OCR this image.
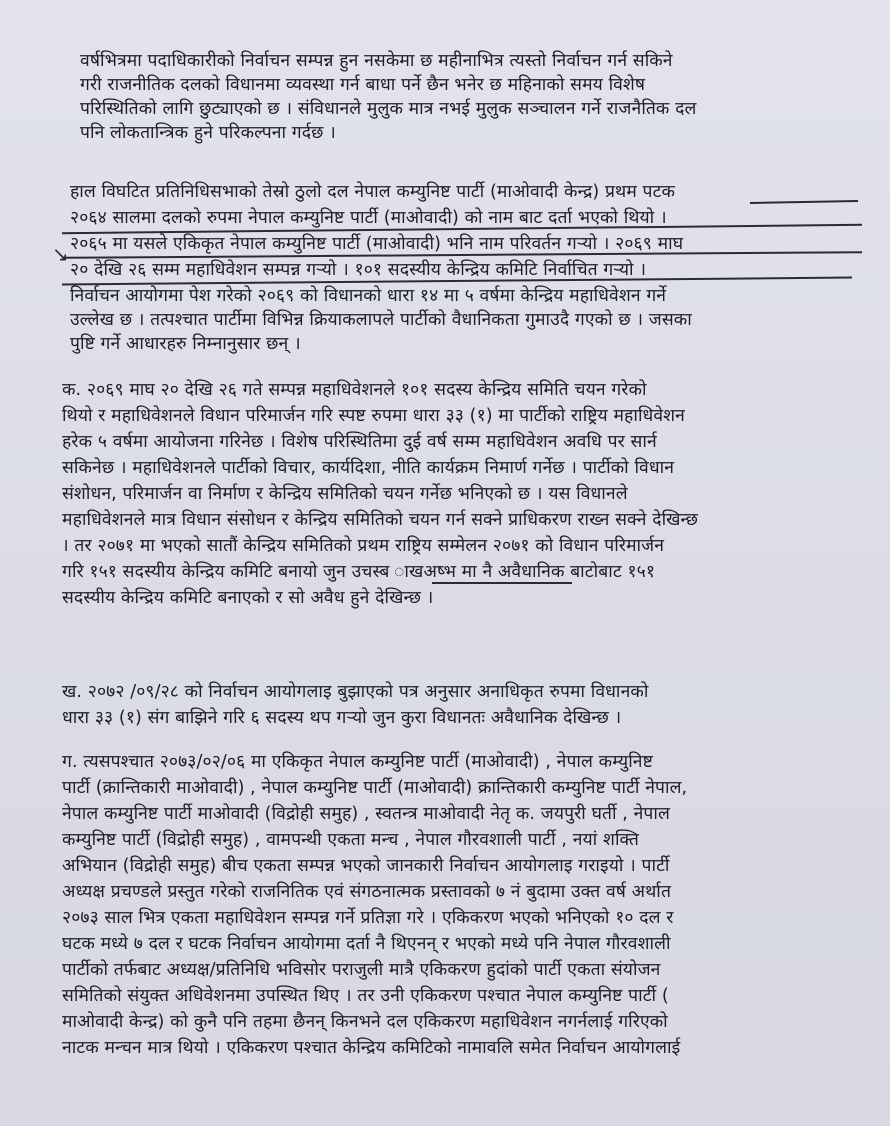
वर्षभित्रमा पदाधिकारीको निर्वाचन सम्पन्न हुन नसकेमा छ महीनाभित्र त्यस्तो निर्वाचन गर्न सकिने
गरी राजनीतिक दलको विधानमा व्यवस्था गर्न बाधा पर्ने छैन भनेर छ महिनाको समय विशेष
परिस्थितिको लागि छुट्याएको छ । संविधानले मुलुक मात्र नभई मुलुक सञ्चालन गर्ने राजनैतिक दल
पनि लोकतान्त्रिक हुने परिकल्पना गर्दछ ।
हाल विघटित प्रतिनिधिसभाको तेस्रो ठुलो दल नेपाल कम्युनिष्ट पार्टी (माओवादी केन्द्र) प्रथम पटक
२०६४ सालमा दलको रुपमा नेपाल कम्युनिष्ट पार्टी (माओवादी) को नाम बाट दर्ता भएको थियो ।
२०६५ मा यसले एकिकृत नेपाल कम्युनिष्ट पार्टी (माओवादी) भनि नाम परिवर्तन गर्‍यो । २०६९ माघ
२० देखि २६ सम्म महाधिवेशन सम्पन्न गर्‍यो । १०१ सदस्यीय केन्द्रिय कमिटि निर्वाचित गर्‍यो ।
निर्वाचन आयोगमा पेश गरेको २०६९ को विधानको धारा १४ मा ५ वर्षमा केन्द्रिय महाधिवेशन गर्ने
उल्लेख छ । तत्पश्चात पार्टीमा विभिन्न क्रियाकलापले पार्टीको वैधानिकता गुमाउदै गएको छ । जसका
पुष्टि गर्ने आधारहरु निम्नानुसार छन् ।
↘
क. २०६९ माघ २० देखि २६ गते सम्पन्न महाधिवेशनले १०१ सदस्य केन्द्रिय समिति चयन गरेको
थियो र महाधिवेशनले विधान परिमार्जन गरि स्पष्ट रुपमा धारा ३३ (१) मा पार्टीको राष्ट्रिय महाधिवेशन
हरेक ५ वर्षमा आयोजना गरिनेछ । विशेष परिस्थितिमा दुई वर्ष सम्म महाधिवेशन अवधि पर सार्न
सकिनेछ । महाधिवेशनले पार्टीको विचार, कार्यदिशा, नीति कार्यक्रम निमार्ण गर्नेछ । पार्टीको विधान
संशोधन, परिमार्जन वा निर्माण र केन्द्रिय समितिको चयन गर्नेछ भनिएको छ । यस विधानले
महाधिवेशनले मात्र विधान संसोधन र केन्द्रिय समितिको चयन गर्न सक्ने प्राधिकरण राख्न सक्ने देखिन्छ
। तर २०७१ मा भएको सातौं केन्द्रिय समितिको प्रथम राष्ट्रिय सम्मेलन २०७१ को विधान परिमार्जन
गरि १५१ सदस्यीय केन्द्रिय कमिटि बनायो जुन उचस्ब ाखअष्भ मा नै अवैधानिक बाटोबाट १५१
सदस्यीय केन्द्रिय कमिटि बनाएको र सो अवैध हुने देखिन्छ ।
ख. २०७२ /०९/२८ को निर्वाचन आयोगलाइ बुझाएको पत्र अनुसार अनाधिकृत रुपमा विधानको
धारा ३३ (१) संग बाझिने गरि ६ सदस्य थप गर्‍यो जुन कुरा विधानतः अवैधानिक देखिन्छ ।
ग. त्यसपश्चात २०७३/०२/०६ मा एकिकृत नेपाल कम्युनिष्ट पार्टी (माओवादी) , नेपाल कम्युनिष्ट
पार्टी (क्रान्तिकारी माओवादी) , नेपाल कम्युनिष्ट पार्टी (माओवादी) क्रान्तिकारी कम्युनिष्ट पार्टी नेपाल,
नेपाल कम्युनिष्ट पार्टी माओवादी (विद्रोही समुह) , स्वतन्त्र माओवादी नेतृ क. जयपुरी घर्ती , नेपाल
कम्युनिष्ट पार्टी (विद्रोही समुह) , वामपन्थी एकता मन्च , नेपाल गौरवशाली पार्टी , नयां शक्ति
अभियान (विद्रोही समुह) बीच एकता सम्पन्न भएको जानकारी निर्वाचन आयोगलाइ गराइयो । पार्टी
अध्यक्ष प्रचण्डले प्रस्तुत गरेको राजनितिक एवं संगठनात्मक प्रस्तावको ७ नं बुदामा उक्त वर्ष अर्थात
२०७३ साल भित्र एकता महाधिवेशन सम्पन्न गर्ने प्रतिज्ञा गरे । एकिकरण भएको भनिएको १० दल र
घटक मध्ये ७ दल र घटक निर्वाचन आयोगमा दर्ता नै थिएनन् र भएको मध्ये पनि नेपाल गौरवशाली
पार्टीको तर्फबाट अध्यक्ष/प्रतिनिधि भविसोर पराजुली मात्रै एकिकरण हुदांको पार्टी एकता संयोजन
समितिको संयुक्त अधिवेशनमा उपस्थित थिए । तर उनी एकिकरण पश्चात नेपाल कम्युनिष्ट पार्टी (
माओवादी केन्द्र) को कुनै पनि तहमा छैनन् किनभने दल एकिकरण महाधिवेशन नगर्नलाई गरिएको
नाटक मन्चन मात्र थियो । एकिकरण पश्चात केन्द्रिय कमिटिको नामावलि समेत निर्वाचन आयोगलाई
